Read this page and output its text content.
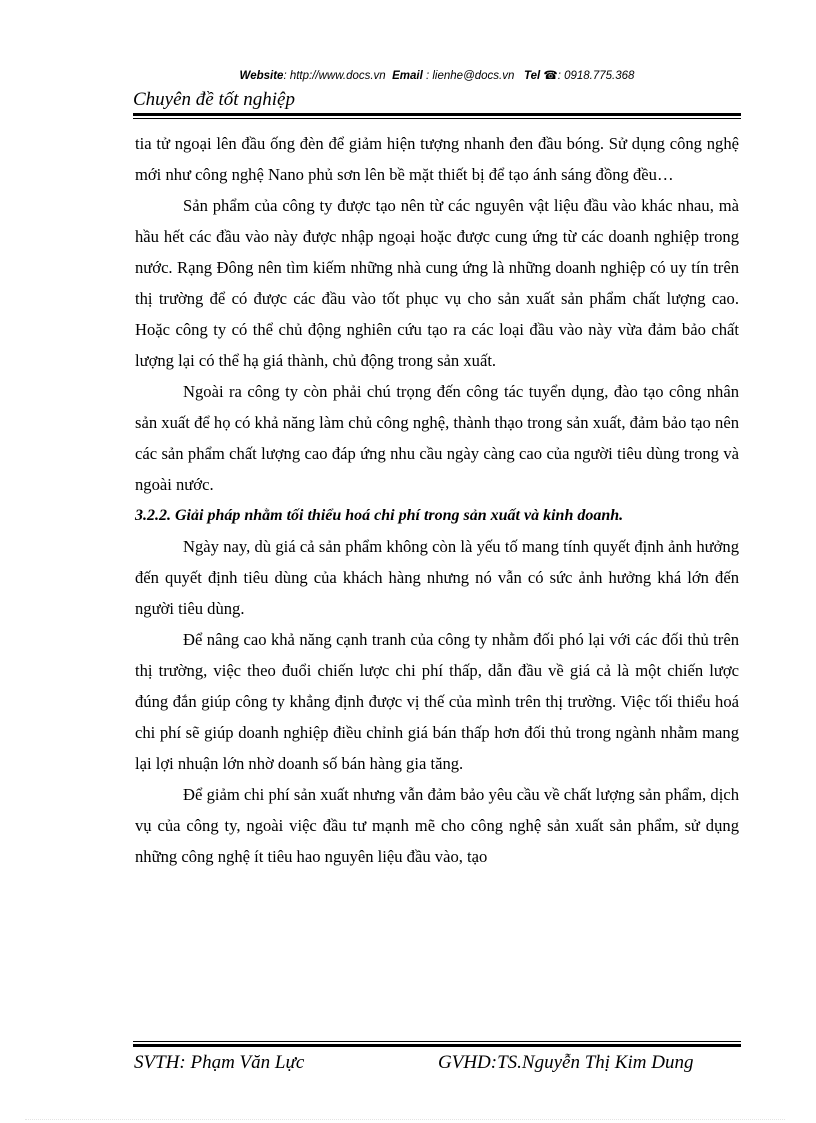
Website: http://www.docs.vn Email : lienhe@docs.vn Tel ☎: 0918.775.368
Chuyên đề tốt nghiệp

tia tử ngoại lên đầu ống đèn để giảm hiện tượng nhanh đen đầu bóng. Sử dụng công nghệ mới như công nghệ Nano phủ sơn lên bề mặt thiết bị để tạo ánh sáng đồng đều…

Sản phẩm của công ty được tạo nên từ các nguyên vật liệu đầu vào khác nhau, mà hầu hết các đầu vào này được nhập ngoại hoặc được cung ứng từ các doanh nghiệp trong nước. Rạng Đông nên tìm kiếm những nhà cung ứng là những doanh nghiệp có uy tín trên thị trường để có được các đầu vào tốt phục vụ cho sản xuất sản phẩm chất lượng cao. Hoặc công ty có thể chủ động nghiên cứu tạo ra các loại đầu vào này vừa đảm bảo chất lượng lại có thể hạ giá thành, chủ động trong sản xuất.

Ngoài ra công ty còn phải chú trọng đến công tác tuyển dụng, đào tạo công nhân sản xuất để họ có khả năng làm chủ công nghệ, thành thạo trong sản xuất, đảm bảo tạo nên các sản phẩm chất lượng cao đáp ứng nhu cầu ngày càng cao của người tiêu dùng trong và ngoài nước.

3.2.2. Giải pháp nhằm tối thiểu hoá chi phí trong sản xuất và kinh doanh.

Ngày nay, dù giá cả sản phẩm không còn là yếu tố mang tính quyết định ảnh hưởng đến quyết định tiêu dùng của khách hàng nhưng nó vẫn có sức ảnh hưởng khá lớn đến người tiêu dùng.

Để nâng cao khả năng cạnh tranh của công ty nhằm đối phó lại với các đối thủ trên thị trường, việc theo đuổi chiến lược chi phí thấp, dẫn đầu về giá cả là một chiến lược đúng đắn giúp công ty khẳng định được vị thế của mình trên thị trường. Việc tối thiểu hoá chi phí sẽ giúp doanh nghiệp điều chỉnh giá bán thấp hơn đối thủ trong ngành nhằm mang lại lợi nhuận lớn nhờ doanh số bán hàng gia tăng.

Để giảm chi phí sản xuất nhưng vẫn đảm bảo yêu cầu về chất lượng sản phẩm, dịch vụ của công ty, ngoài việc đầu tư mạnh mẽ cho công nghệ sản xuất sản phẩm, sử dụng những công nghệ ít tiêu hao nguyên liệu đầu vào, tạo

SVTH: Phạm Văn Lực	GVHD:TS.Nguyễn Thị Kim Dung
